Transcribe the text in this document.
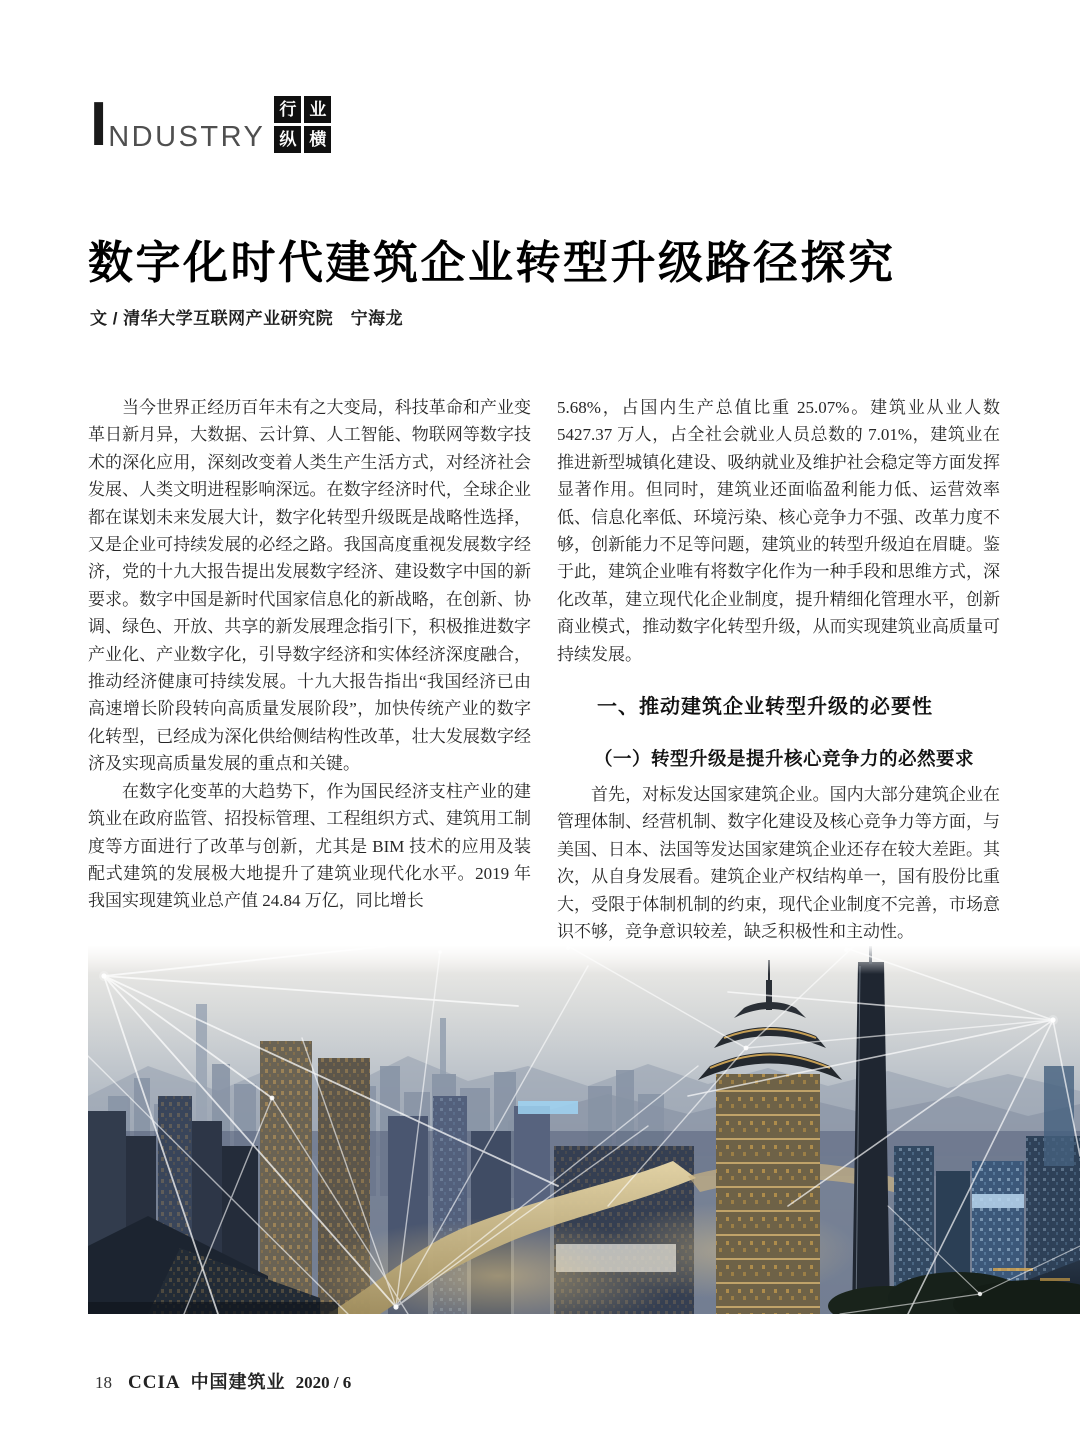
I NDUSTRY
行 业
纵 横
数字化时代建筑企业转型升级路径探究

文 / 清华大学互联网产业研究院　宁海龙

当今世界正经历百年未有之大变局，科技革命和产业变革日新月异，大数据、云计算、人工智能、物联网等数字技术的深化应用，深刻改变着人类生产生活方式，对经济社会发展、人类文明进程影响深远。在数字经济时代，全球企业都在谋划未来发展大计，数字化转型升级既是战略性选择，又是企业可持续发展的必经之路。我国高度重视发展数字经济，党的十九大报告提出发展数字经济、建设数字中国的新要求。数字中国是新时代国家信息化的新战略，在创新、协调、绿色、开放、共享的新发展理念指引下，积极推进数字产业化、产业数字化，引导数字经济和实体经济深度融合，推动经济健康可持续发展。十九大报告指出“我国经济已由高速增长阶段转向高质量发展阶段”，加快传统产业的数字化转型，已经成为深化供给侧结构性改革，壮大发展数字经济及实现高质量发展的重点和关键。

在数字化变革的大趋势下，作为国民经济支柱产业的建筑业在政府监管、招投标管理、工程组织方式、建筑用工制度等方面进行了改革与创新，尤其是 BIM 技术的应用及装配式建筑的发展极大地提升了建筑业现代化水平。2019 年我国实现建筑业总产值 24.84 万亿，同比增长

5.68%，占国内生产总值比重 25.07%。建筑业从业人数 5427.37 万人，占全社会就业人员总数的 7.01%，建筑业在推进新型城镇化建设、吸纳就业及维护社会稳定等方面发挥显著作用。但同时，建筑业还面临盈利能力低、运营效率低、信息化率低、环境污染、核心竞争力不强、改革力度不够，创新能力不足等问题，建筑业的转型升级迫在眉睫。鉴于此，建筑企业唯有将数字化作为一种手段和思维方式，深化改革，建立现代化企业制度，提升精细化管理水平，创新商业模式，推动数字化转型升级，从而实现建筑业高质量可持续发展。

一、推动建筑企业转型升级的必要性
（一）转型升级是提升核心竞争力的必然要求

首先，对标发达国家建筑企业。国内大部分建筑企业在管理体制、经营机制、数字化建设及核心竞争力等方面，与美国、日本、法国等发达国家建筑企业还存在较大差距。其次，从自身发展看。建筑企业产权结构单一，国有股份比重大，受限于体制机制的约束，现代企业制度不完善，市场意识不够，竞争意识较差，缺乏积极性和主动性。

18 CCIA 中国建筑业 2020 / 6
